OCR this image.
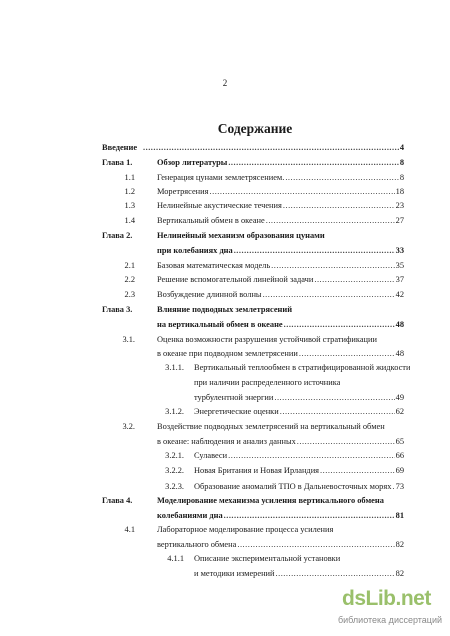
2
Содержание
Введение .....	4
Глава 1.	Обзор литературы .....	8
1.1	Генерация цунами землетрясением. .....	8
1.2	Моретрясения .....	18
1.3	Нелинейные акустические течения .....	23
1.4	Вертикальный обмен в океане .....	27
Глава 2.	Нелинейный механизм образования цунами
при колебаниях дна .....	33
2.1	Базовая математическая модель .....	35
2.2	Решение вспомогательной линейной задачи .....	37
2.3	Возбуждение длинной волны .....	42
Глава 3.	Влияние подводных землетрясений
на вертикальный обмен в океане .....	48
3.1.	Оценка возможности разрушения устойчивой стратификации
в океане при подводном землетрясении .....	48
3.1.1. Вертикальный теплообмен в стратифицированной жидкости
при наличии распределенного источника
турбулентной энергии .....	49
3.1.2. Энергетические оценки .....	62
3.2.	Воздействие подводных землетрясений на вертикальный обмен
в океане: наблюдения и анализ данных .....	65
3.2.1. Сулавеси .....	66
3.2.2. Новая Британия и Новая Ирландия .....	69
3.2.3. Образование аномалий ТПО в Дальневосточных морях ..... 73
Глава 4.	Моделирование механизма усиления вертикального обмена
колебаниями дна .....	81
4.1	Лабораторное моделирование процесса усиления
вертикального обмена .....	82
4.1.1 Описание экспериментальной установки
и методики измерений .....	82
dsLib.net
библиотека диссертаций
